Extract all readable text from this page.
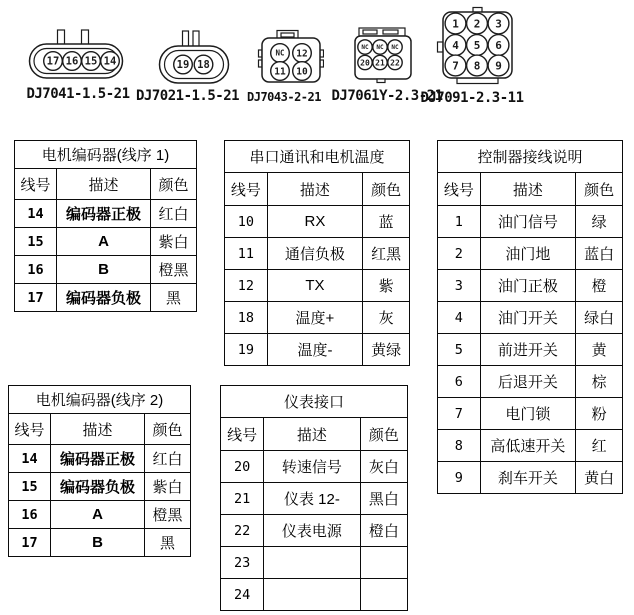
17 16 15 14
DJ7041-1.5-21
19 18
DJ7021-1.5-21
NC 12
11 10
DJ7043-2-21
NC NC NC
20 21 22
DJ7061Y-2.3-21
1 2 3
4 5 6
7 8 9
DJ7091-2.3-11
电机编码器(线序 1)		
线号	描述	颜色
14	编码器正极	红白
15	A	紫白
16	B	橙黑
17	编码器负极	黑
串口通讯和电机温度		
线号	描述	颜色
10	RX	蓝
11	通信负极	红黑
12	TX	紫
18	温度+	灰
19	温度-	黄绿
控制器接线说明		
线号	描述	颜色
1	油门信号	绿
2	油门地	蓝白
3	油门正极	橙
4	油门开关	绿白
5	前进开关	黄
6	后退开关	棕
7	电门锁	粉
8	高低速开关	红
9	刹车开关	黄白
电机编码器(线序 2)		
线号	描述	颜色
14	编码器正极	红白
15	编码器负极	紫白
16	A	橙黑
17	B	黑
仪表接口		
线号	描述	颜色
20	转速信号	灰白
21	仪表 12-	黑白
22	仪表电源	橙白
23		
24		
